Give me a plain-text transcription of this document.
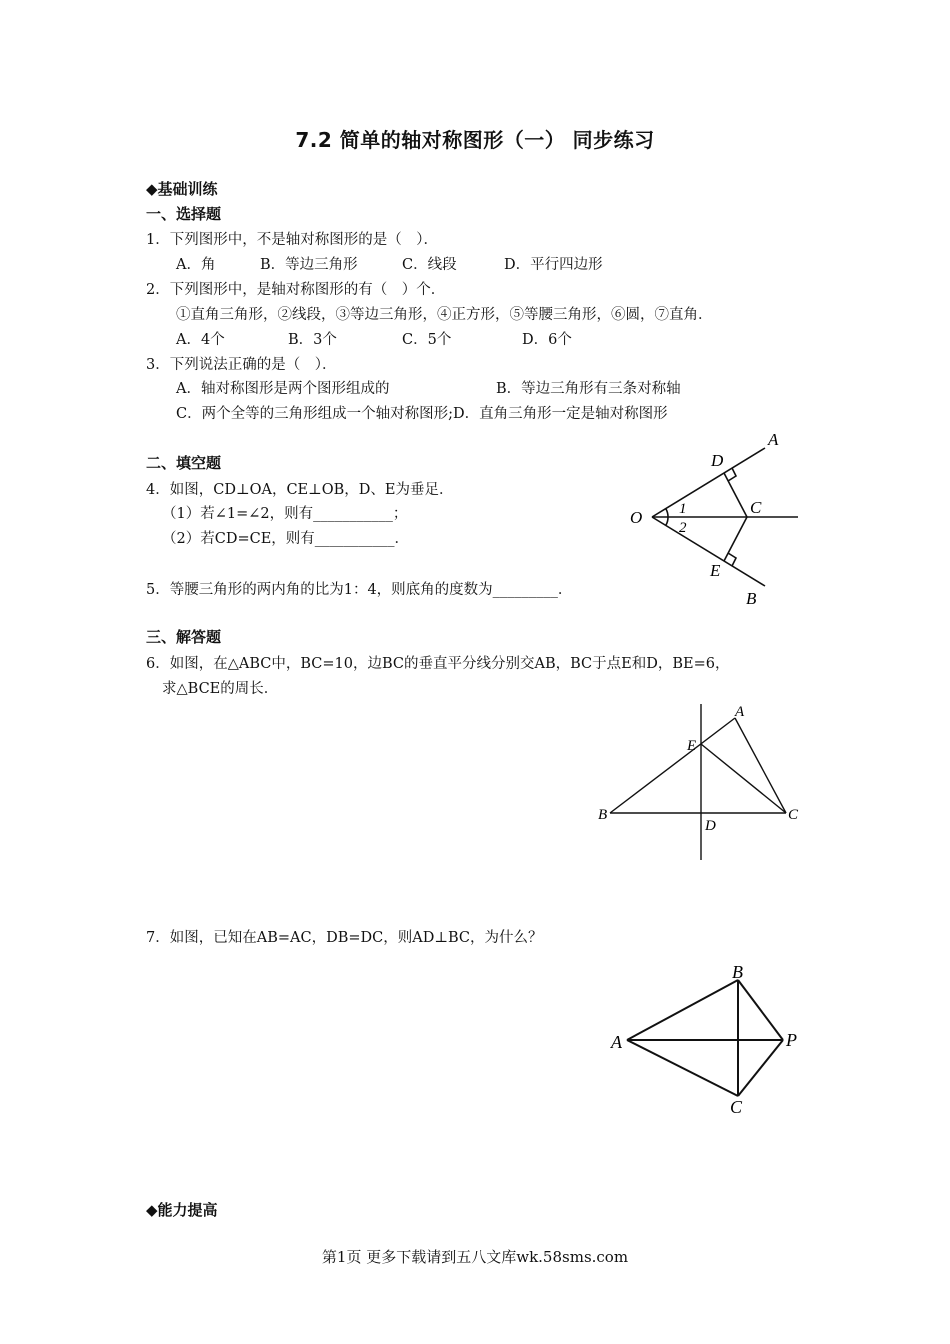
7.2 简单的轴对称图形（一） 同步练习
◆基础训练
一、选择题
1．下列图形中，不是轴对称图形的是（　）．
A．角	B．等边三角形	C．线段	D．平行四边形
2．下列图形中，是轴对称图形的有（　）个．
①直角三角形，②线段，③等边三角形，④正方形，⑤等腰三角形，⑥圆，⑦直角．
A．4个	B．3个	C．5个	D．6个
3．下列说法正确的是（　）．
A．轴对称图形是两个图形组成的	B．等边三角形有三条对称轴
C．两个全等的三角形组成一个轴对称图形;D．直角三角形一定是轴对称图形
二、填空题
4．如图，CD⊥OA，CE⊥OB，D、E为垂足．
（1）若∠1=∠2，则有___________；
（2）若CD=CE，则有___________．
5．等腰三角形的两内角的比为1：4，则底角的度数为_________．
A
D
C
O 1
2
E
B
三、解答题
6．如图，在△ABC中，BC=10，边BC的垂直平分线分别交AB，BC于点E和D，BE=6，
求△BCE的周长．
A
E
B
D
C
7．如图，已知在AB=AC，DB=DC，则AD⊥BC，为什么？
B
A	P
C
◆能力提高
第1页 更多下载请到五八文库wk.58sms.com
